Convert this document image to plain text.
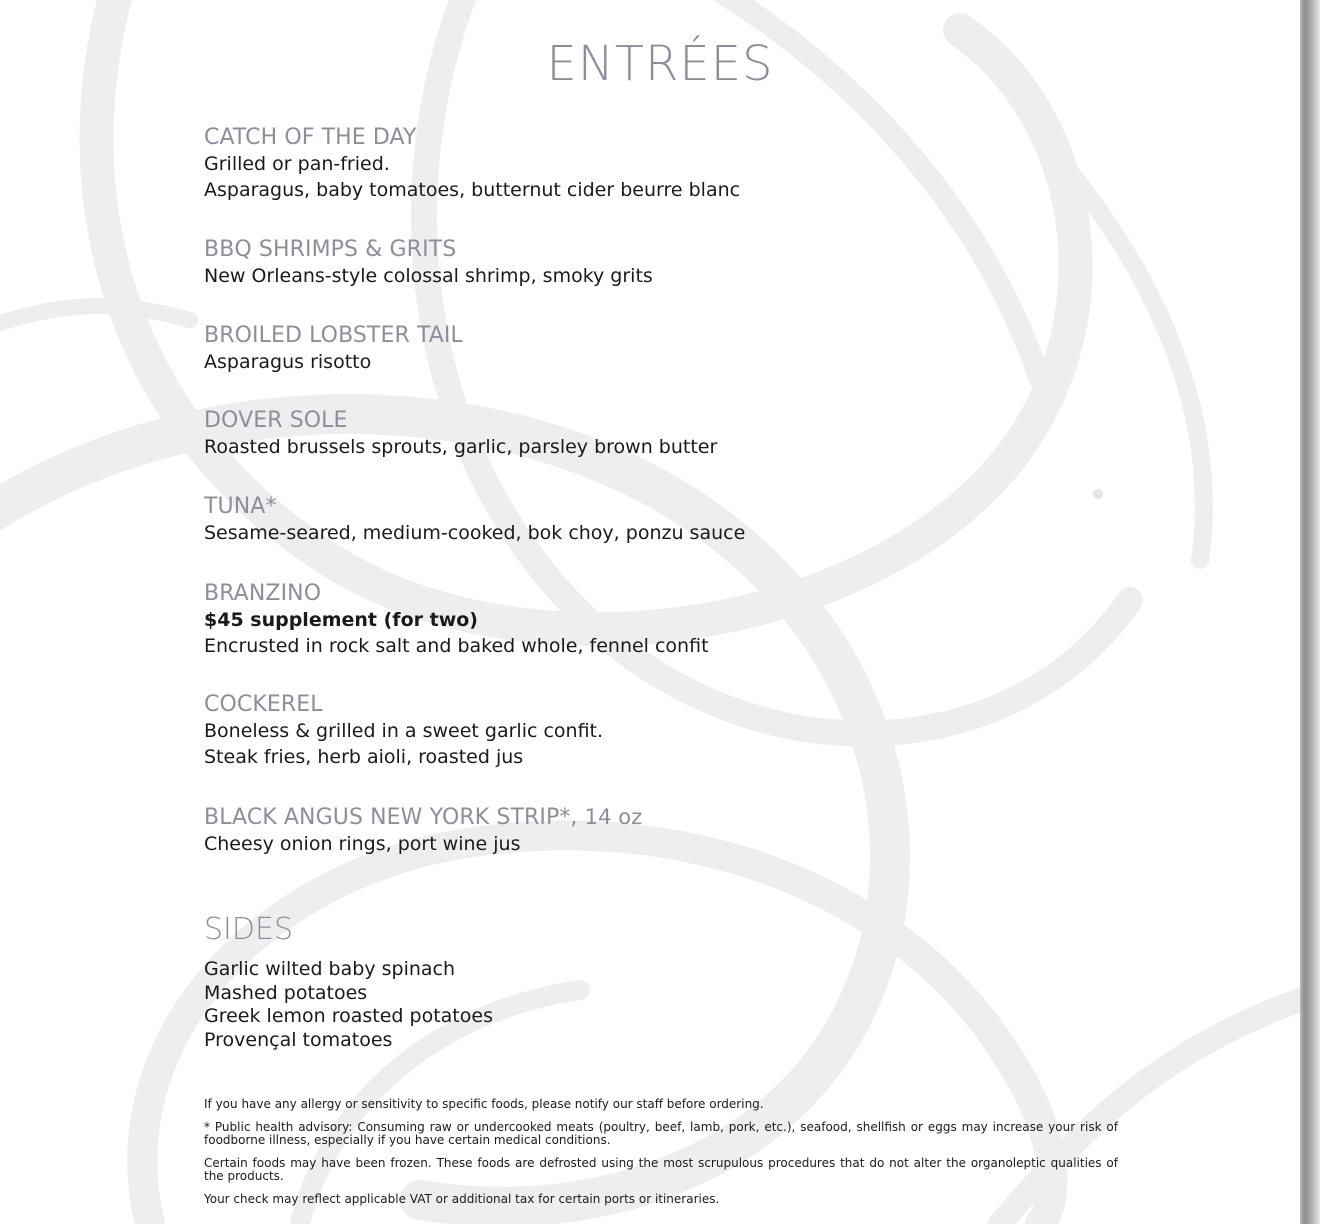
ENTRÉES
CATCH OF THE DAY
Grilled or pan-fried.
Asparagus, baby tomatoes, butternut cider beurre blanc
BBQ SHRIMPS & GRITS
New Orleans-style colossal shrimp, smoky grits
BROILED LOBSTER TAIL
Asparagus risotto
DOVER SOLE
Roasted brussels sprouts, garlic, parsley brown butter
TUNA*
Sesame-seared, medium-cooked, bok choy, ponzu sauce
BRANZINO
$45 supplement (for two)
Encrusted in rock salt and baked whole, fennel confit
COCKEREL
Boneless & grilled in a sweet garlic confit.
Steak fries, herb aioli, roasted jus
BLACK ANGUS NEW YORK STRIP*, 14 oz
Cheesy onion rings, port wine jus
SIDES
Garlic wilted baby spinach
Mashed potatoes
Greek lemon roasted potatoes
Provençal tomatoes

If you have any allergy or sensitivity to specific foods, please notify our staff before ordering.

* Public health advisory: Consuming raw or undercooked meats (poultry, beef, lamb, pork, etc.), seafood, shellfish or eggs may increase your risk of foodborne illness, especially if you have certain medical conditions.

Certain foods may have been frozen. These foods are defrosted using the most scrupulous procedures that do not alter the organoleptic qualities of the products.

Your check may reflect applicable VAT or additional tax for certain ports or itineraries.
